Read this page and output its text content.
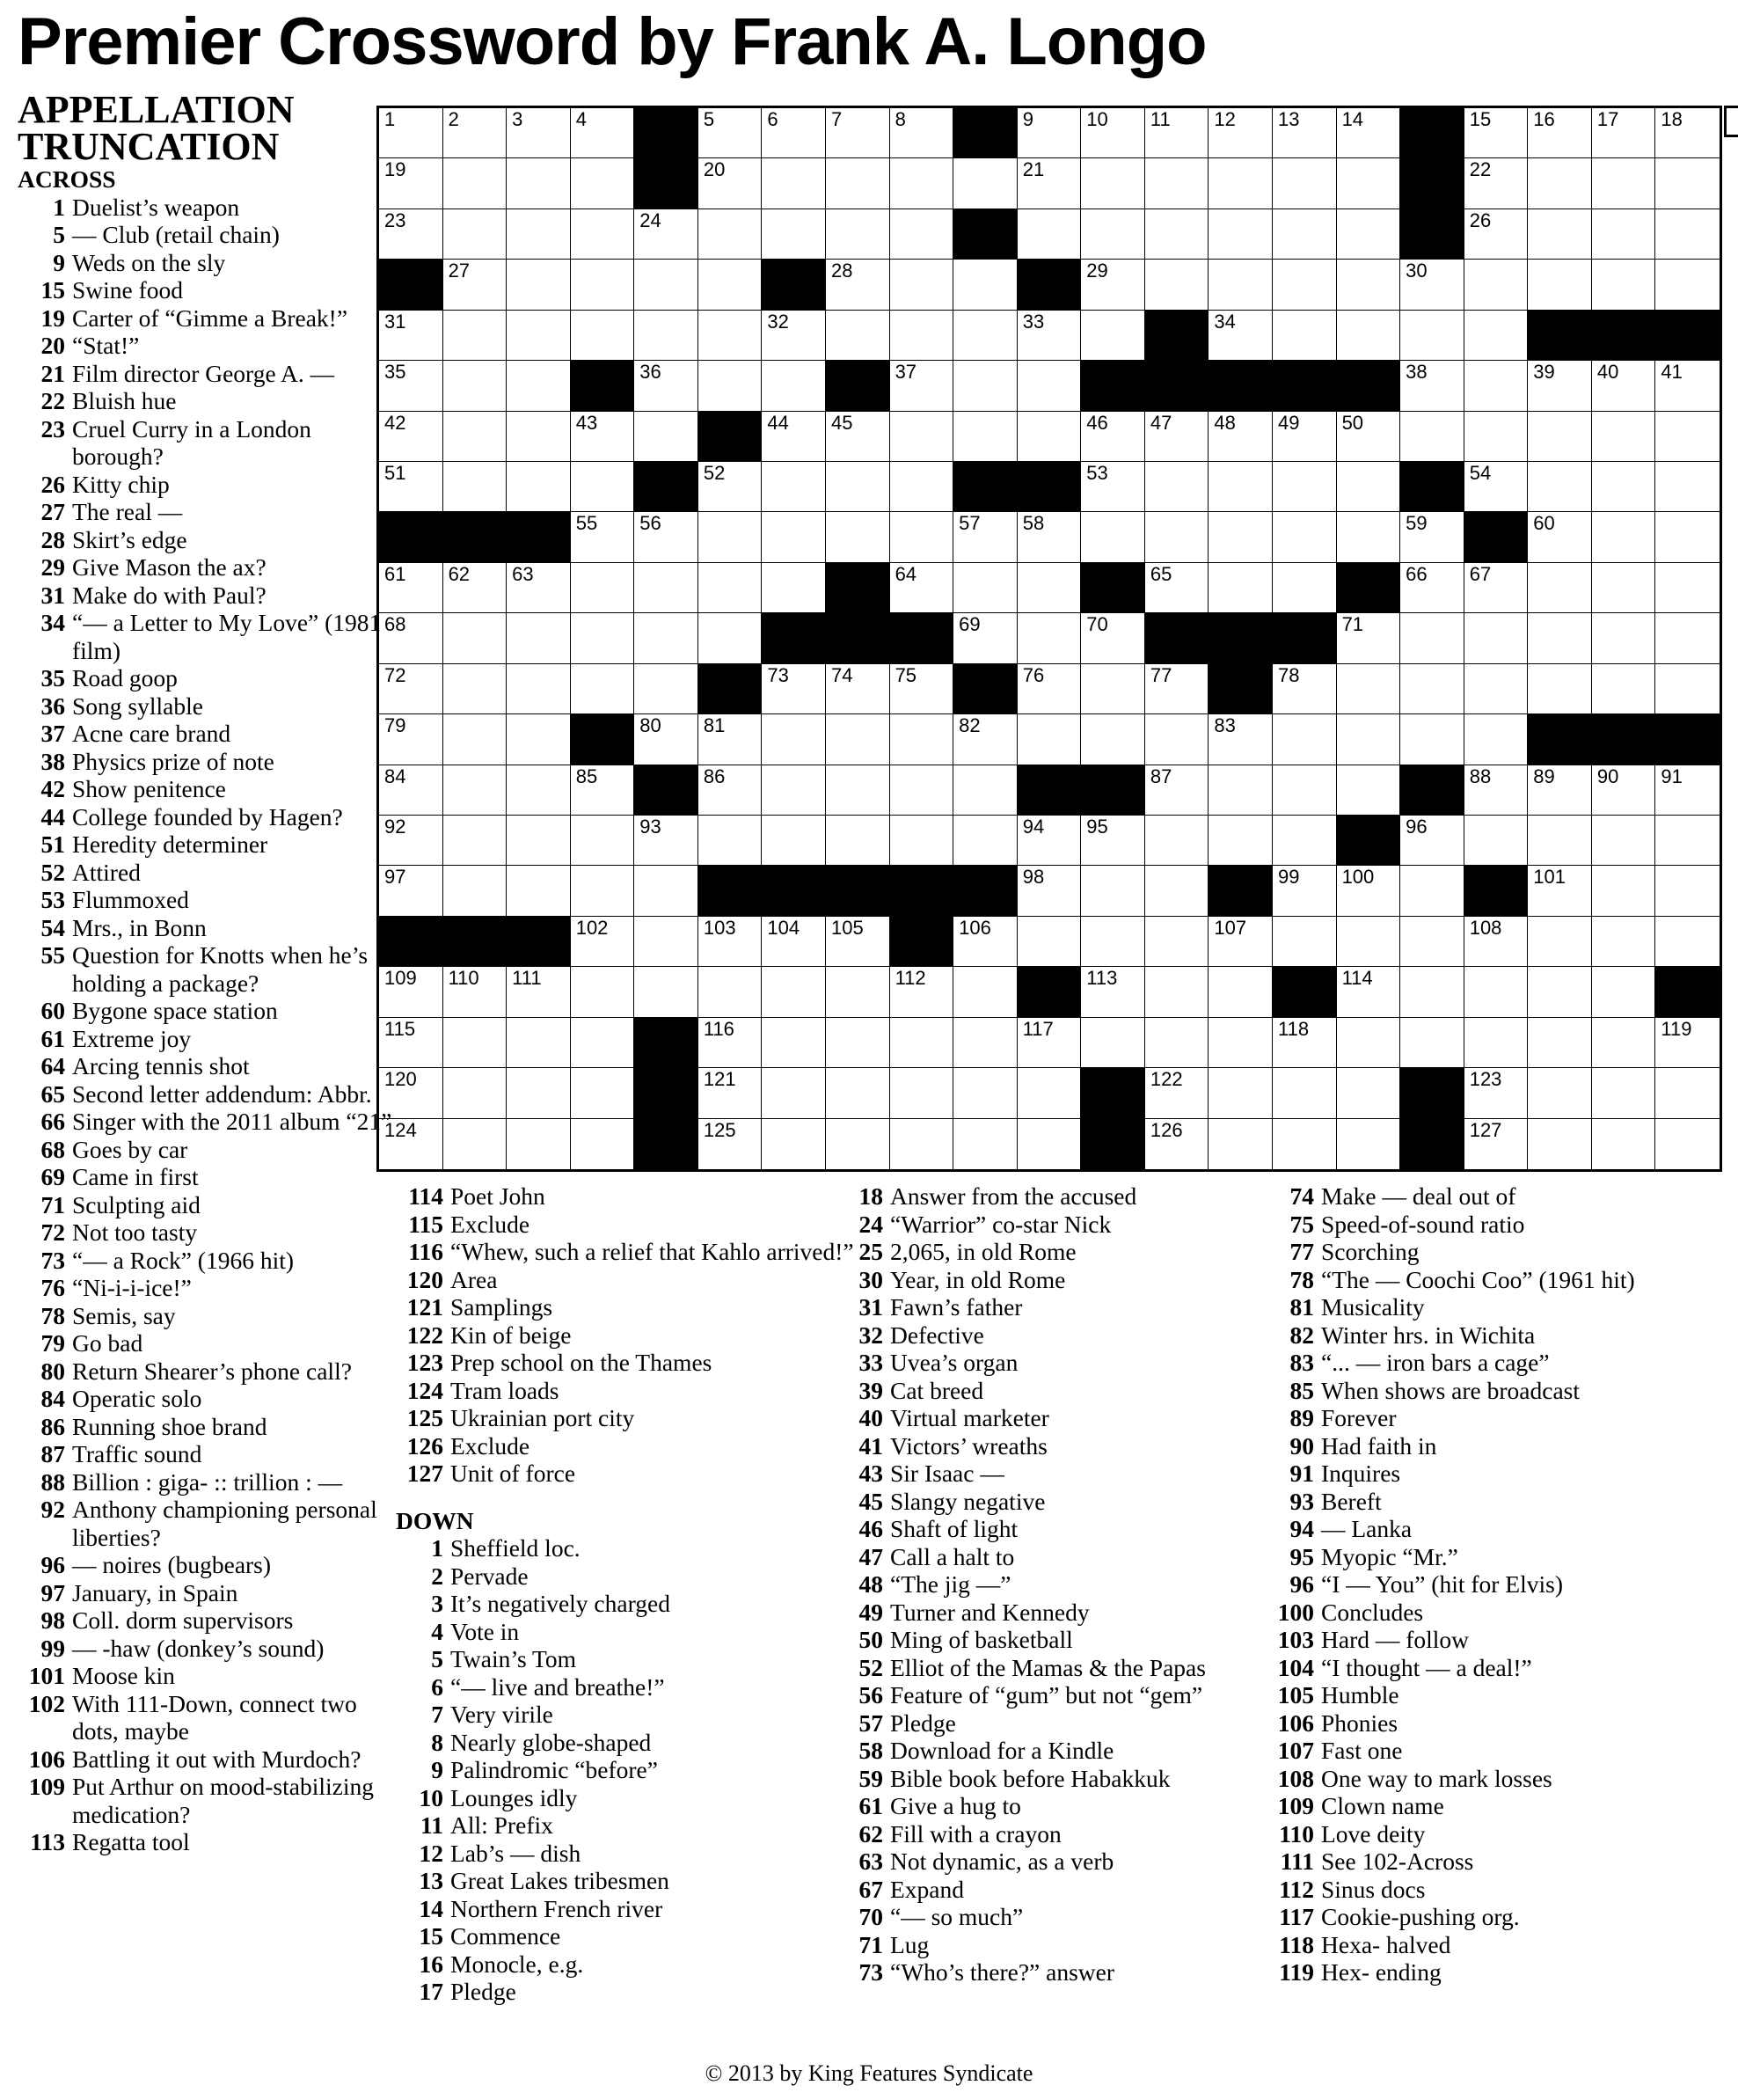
Premier Crossword by Frank A. Longo
APPELLATION
TRUNCATION
1	2	3	4	5	6	7	8	9	10 11 12 13 14	15 16 17 18
19	20	21	22
23	24	25	26
27	28	29	30
31	32	33	34
35	36	37	38	39 40 41
42	43	44 45	46 47 48 49 50
51	52	53	54
55 56	57 58	59	60
61 62 63	64	65	66 67
68	69	70	71
72	73 74 75	76	77	78
79	80 81	82	83
84	85	86	87	88 89 90 91
92	93	94 95	96
97	98	99 100	101
102	103 104 105	106	107	108
109 110 111	112	113	114
115	116	117	118	119
120	121	122	123
124	125	126	127
ACROSS
1 Duelist’s weapon
5 — Club (retail chain)
9 Weds on the sly
15 Swine food
19 Carter of “Gimme a Break!”
20 “Stat!”
21 Film director George A. —
22 Bluish hue
23 Cruel Curry in a London borough?
26 Kitty chip
27 The real —
28 Skirt’s edge
29 Give Mason the ax?
31 Make do with Paul?
34 “— a Letter to My Love” (1981 film)
35 Road goop
36 Song syllable
37 Acne care brand
38 Physics prize of note
42 Show penitence
44 College founded by Hagen?
51 Heredity determiner
52 Attired
53 Flummoxed
54 Mrs., in Bonn
55 Question for Knotts when he’s holding a package?
60 Bygone space station
61 Extreme joy
64 Arcing tennis shot
65 Second letter addendum: Abbr.
66 Singer with the 2011 album “21”
68 Goes by car
69 Came in first
71 Sculpting aid
72 Not too tasty
73 “— a Rock” (1966 hit)
76 “Ni-i-i-ice!”
78 Semis, say
79 Go bad
80 Return Shearer’s phone call?
84 Operatic solo
86 Running shoe brand
87 Traffic sound
88 Billion : giga- :: trillion : —
92 Anthony championing personal liberties?
96 — noires (bugbears)
97 January, in Spain
98 Coll. dorm supervisors
99 — -haw (donkey’s sound)
101 Moose kin
102 With 111-Down, connect two dots, maybe
106 Battling it out with Murdoch?
109 Put Arthur on mood-stabilizing medication?
113 Regatta tool
114 Poet John
115 Exclude
116 “Whew, such a relief that Kahlo arrived!”
120 Area
121 Samplings
122 Kin of beige
123 Prep school on the Thames
124 Tram loads
125 Ukrainian port city
126 Exclude
127 Unit of force
DOWN
1 Sheffield loc.
2 Pervade
3 It’s negatively charged
4 Vote in
5 Twain’s Tom
6 “— live and breathe!”
7 Very virile
8 Nearly globe-shaped
9 Palindromic “before”
10 Lounges idly
11 All: Prefix
12 Lab’s — dish
13 Great Lakes tribesmen
14 Northern French river
15 Commence
16 Monocle, e.g.
17 Pledge
18 Answer from the accused
24 “Warrior” co-star Nick
25 2,065, in old Rome
30 Year, in old Rome
31 Fawn’s father
32 Defective
33 Uvea’s organ
39 Cat breed
40 Virtual marketer
41 Victors’ wreaths
43 Sir Isaac —
45 Slangy negative
46 Shaft of light
47 Call a halt to
48 “The jig —”
49 Turner and Kennedy
50 Ming of basketball
52 Elliot of the Mamas & the Papas
56 Feature of “gum” but not “gem”
57 Pledge
58 Download for a Kindle
59 Bible book before Habakkuk
61 Give a hug to
62 Fill with a crayon
63 Not dynamic, as a verb
67 Expand
70 “— so much”
71 Lug
73 “Who’s there?” answer
74 Make — deal out of
75 Speed-of-sound ratio
77 Scorching
78 “The — Coochi Coo” (1961 hit)
81 Musicality
82 Winter hrs. in Wichita
83 “... — iron bars a cage”
85 When shows are broadcast
89 Forever
90 Had faith in
91 Inquires
93 Bereft
94 — Lanka
95 Myopic “Mr.”
96 “I — You” (hit for Elvis)
100 Concludes
103 Hard — follow
104 “I thought — a deal!”
105 Humble
106 Phonies
107 Fast one
108 One way to mark losses
109 Clown name
110 Love deity
111 See 102-Across
112 Sinus docs
117 Cookie-pushing org.
118 Hexa- halved
119 Hex- ending
© 2013 by King Features Syndicate
